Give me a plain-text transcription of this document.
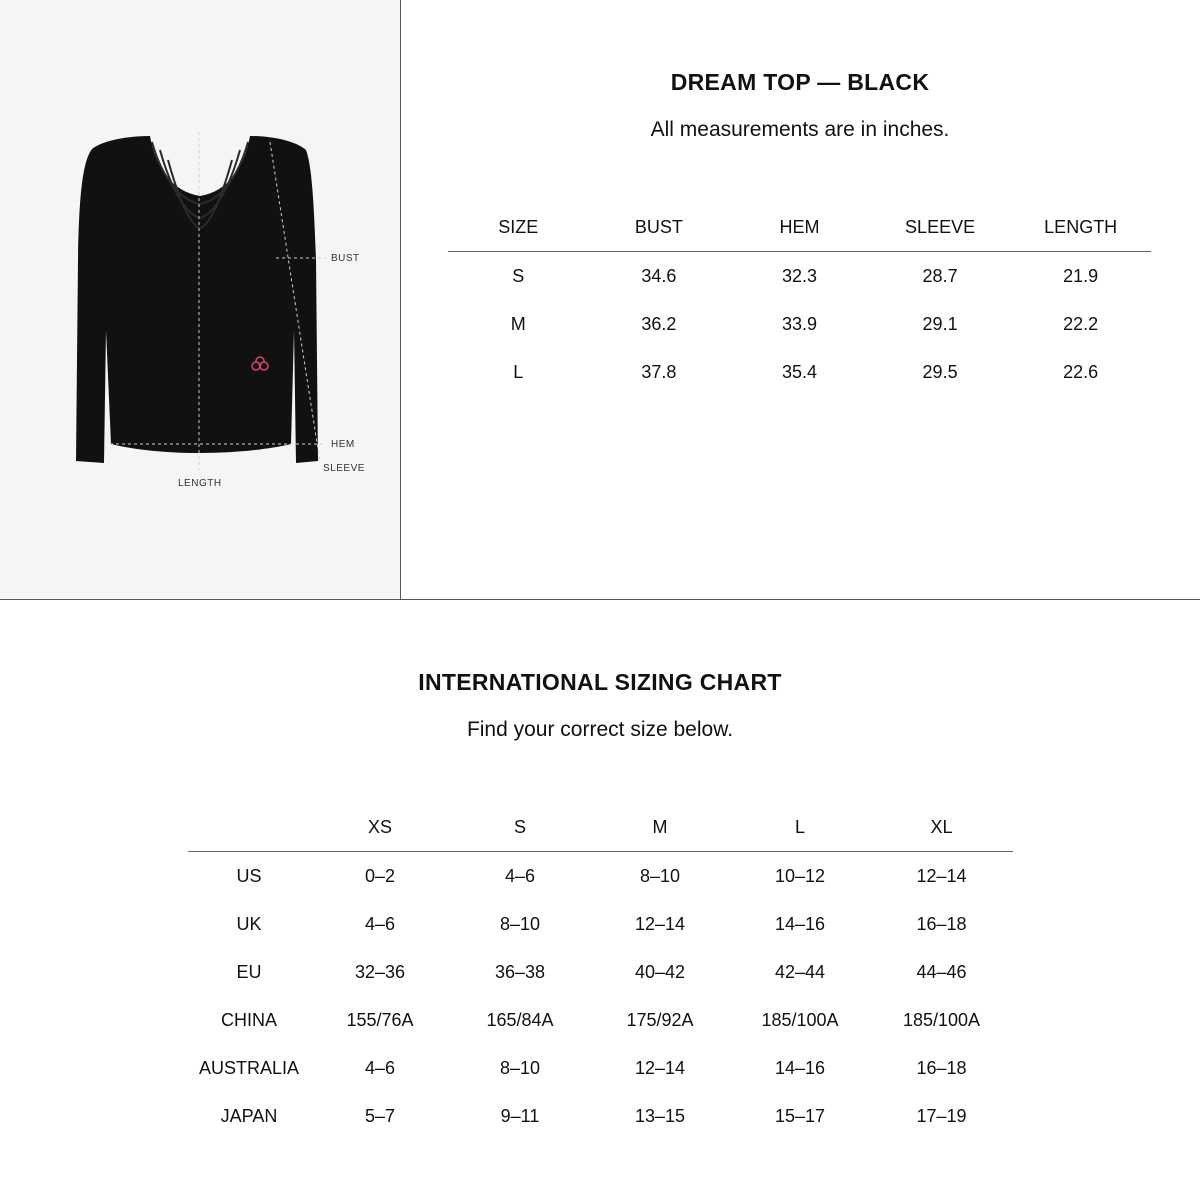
BUST
HEM
SLEEVE
LENGTH
DREAM TOP — BLACK
All measurements are in inches.
SIZE	BUST	HEM	SLEEVE	LENGTH
S	34.6	32.3	28.7	21.9
M	36.2	33.9	29.1	22.2
L	37.8	35.4	29.5	22.6
INTERNATIONAL SIZING CHART
Find your correct size below.
	XS	S	M	L	XL
US	0–2	4–6	8–10	10–12	12–14
UK	4–6	8–10	12–14	14–16	16–18
EU	32–36	36–38	40–42	42–44	44–46
CHINA	155/76A	165/84A	175/92A	185/100A	185/100A
AUSTRALIA	4–6	8–10	12–14	14–16	16–18
JAPAN	5–7	9–11	13–15	15–17	17–19
